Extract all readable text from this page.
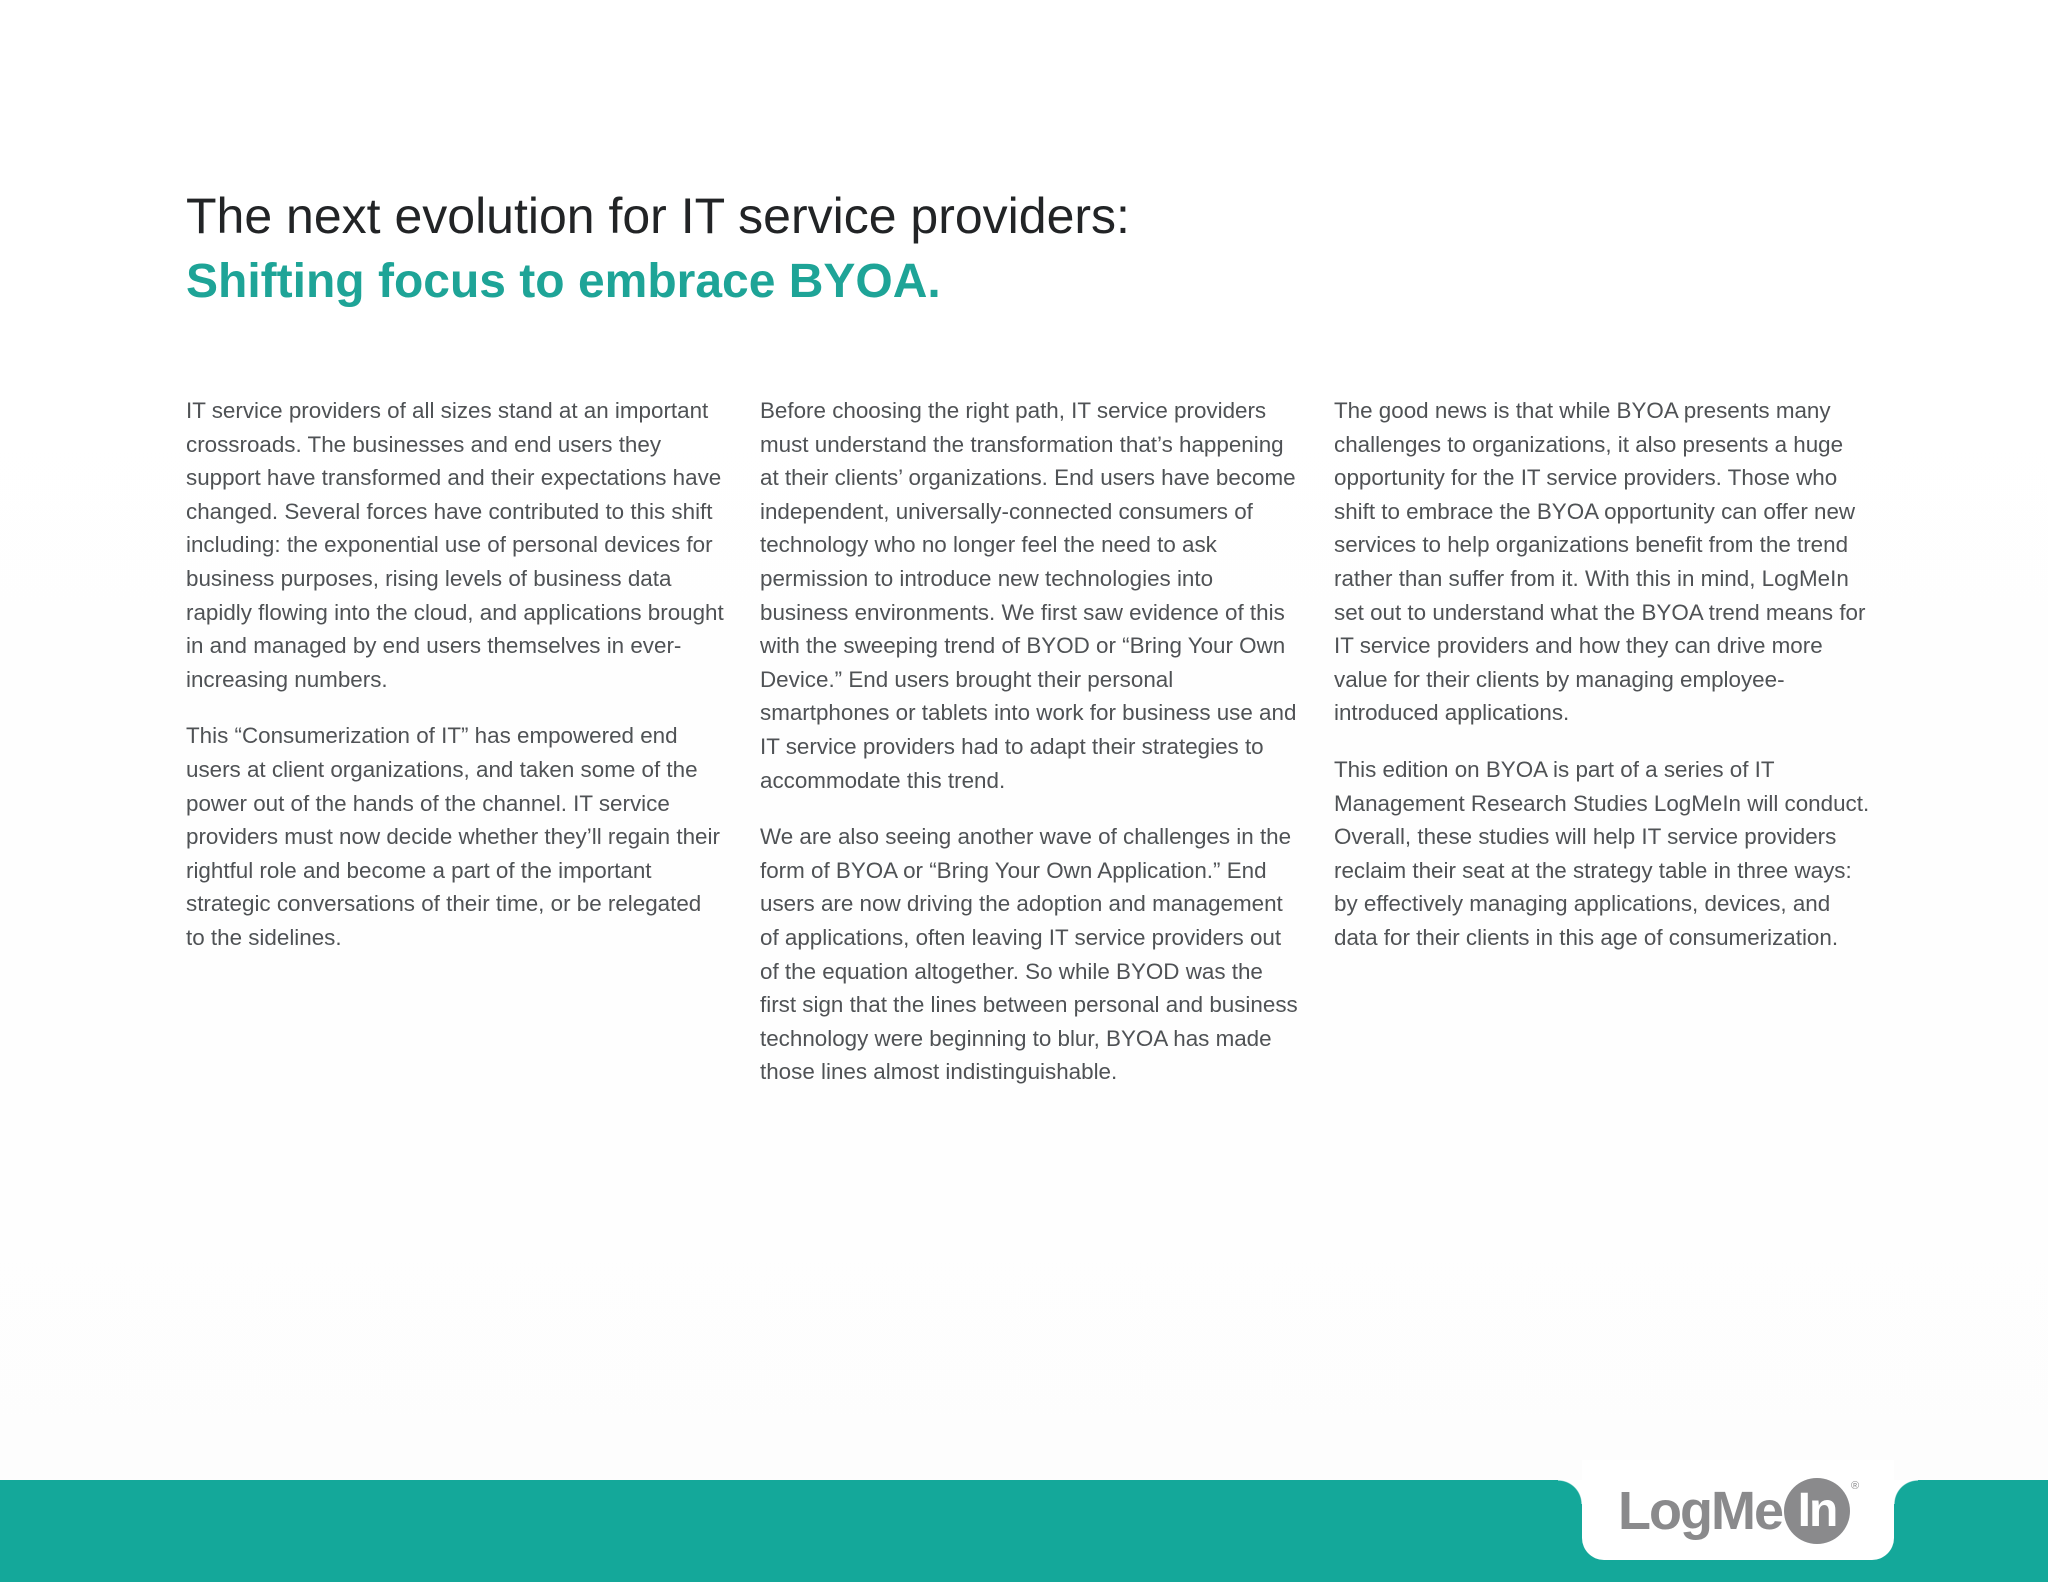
The next evolution for IT service providers:
Shifting focus to embrace BYOA.

IT service providers of all sizes stand at an important crossroads. The businesses and end users they support have transformed and their expectations have changed. Several forces have contributed to this shift including: the exponential use of personal devices for business purposes, rising levels of business data rapidly flowing into the cloud, and applications brought in and managed by end users themselves in ever-increasing numbers.

This “Consumerization of IT” has empowered end users at client organizations, and taken some of the power out of the hands of the channel. IT service providers must now decide whether they’ll regain their rightful role and become a part of the important strategic conversations of their time, or be relegated to the sidelines.

Before choosing the right path, IT service providers must understand the transformation that’s happening at their clients’ organizations. End users have become independent, universally-connected consumers of technology who no longer feel the need to ask permission to introduce new technologies into business environments. We first saw evidence of this with the sweeping trend of BYOD or “Bring Your Own Device.” End users brought their personal smartphones or tablets into work for business use and IT service providers had to adapt their strategies to accommodate this trend.

We are also seeing another wave of challenges in the form of BYOA or “Bring Your Own Application.” End users are now driving the adoption and management of applications, often leaving IT service providers out of the equation altogether. So while BYOD was the first sign that the lines between personal and business technology were beginning to blur, BYOA has made those lines almost indistinguishable.

The good news is that while BYOA presents many challenges to organizations, it also presents a huge opportunity for the IT service providers. Those who shift to embrace the BYOA opportunity can offer new services to help organizations benefit from the trend rather than suffer from it. With this in mind, LogMeIn set out to understand what the BYOA trend means for IT service providers and how they can drive more value for their clients by managing employee-introduced applications.

This edition on BYOA is part of a series of IT Management Research Studies LogMeIn will conduct. Overall, these studies will help IT service providers reclaim their seat at the strategy table in three ways: by effectively managing applications, devices, and data for their clients in this age of consumerization.

LogMe In	®
